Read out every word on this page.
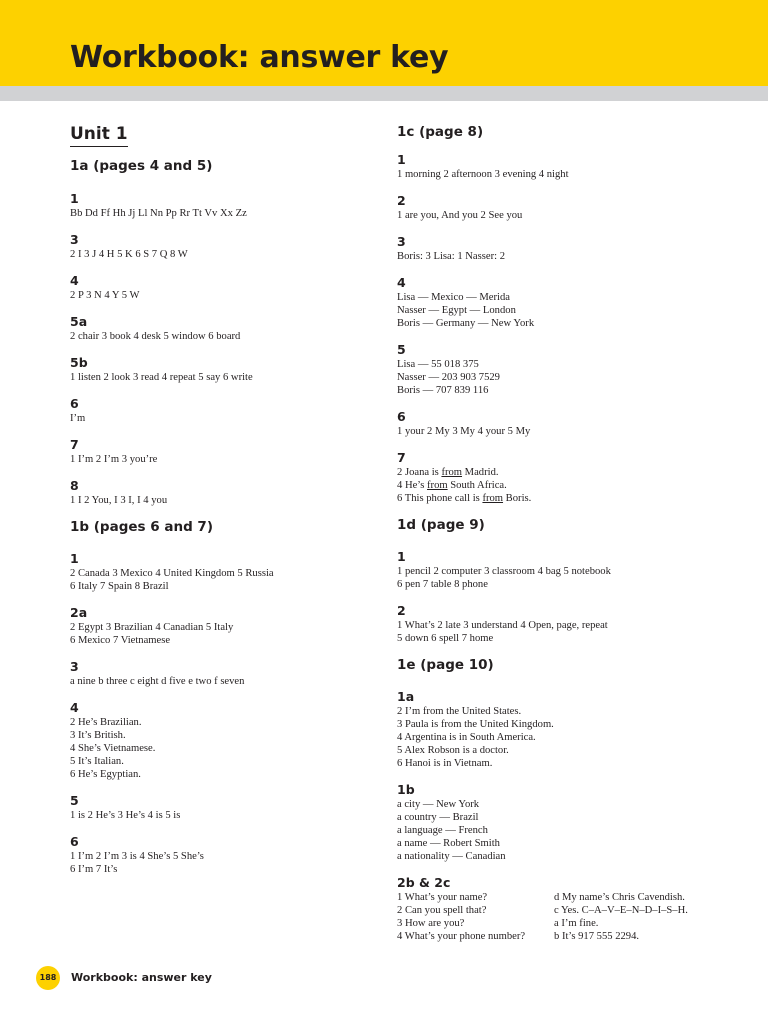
Workbook: answer key
Unit 1
1a (pages 4 and 5)

1

Bb Dd Ff Hh Jj Ll Nn Pp Rr Tt Vv Xx Zz

3

2 I 3 J 4 H 5 K 6 S 7 Q 8 W

4

2 P 3 N 4 Y 5 W

5a

2 chair 3 book 4 desk 5 window 6 board

5b

1 listen 2 look 3 read 4 repeat 5 say 6 write

6

I’m

7

1 I’m 2 I’m 3 you’re

8

1 I 2 You, I 3 I, I 4 you

1b (pages 6 and 7)

1

2 Canada 3 Mexico 4 United Kingdom 5 Russia

6 Italy 7 Spain 8 Brazil

2a

2 Egypt 3 Brazilian 4 Canadian 5 Italy

6 Mexico 7 Vietnamese

3

a nine b three c eight d five e two f seven

4

2 He’s Brazilian.

3 It’s British.

4 She’s Vietnamese.

5 It’s Italian.

6 He’s Egyptian.

5

1 is 2 He’s 3 He’s 4 is 5 is

6

1 I’m 2 I’m 3 is 4 She’s 5 She’s

6 I’m 7 It’s

1c (page 8)

1

1 morning 2 afternoon 3 evening 4 night

2

1 are you, And you 2 See you

3

Boris: 3 Lisa: 1 Nasser: 2

4

Lisa — Mexico — Merida

Nasser — Egypt — London

Boris — Germany — New York

5

Lisa — 55 018 375

Nasser — 203 903 7529

Boris — 707 839 116

6

1 your 2 My 3 My 4 your 5 My

7

2 Joana is from Madrid.

4 He’s from South Africa.

6 This phone call is from Boris.

1d (page 9)

1

1 pencil 2 computer 3 classroom 4 bag 5 notebook

6 pen 7 table 8 phone

2

1 What’s 2 late 3 understand 4 Open, page, repeat

5 down 6 spell 7 home

1e (page 10)

1a

2 I’m from the United States.

3 Paula is from the United Kingdom.

4 Argentina is in South America.

5 Alex Robson is a doctor.

6 Hanoi is in Vietnam.

1b

a city — New York

a country — Brazil

a language — French

a name — Robert Smith

a nationality — Canadian

2b & 2c

1 What’s your name?

2 Can you spell that?

3 How are you?

4 What’s your phone number?

d My name’s Chris Cavendish.

c Yes. C–A–V–E–N–D–I–S–H.

a I’m fine.

b It’s 917 555 2294.

188	Workbook: answer key
